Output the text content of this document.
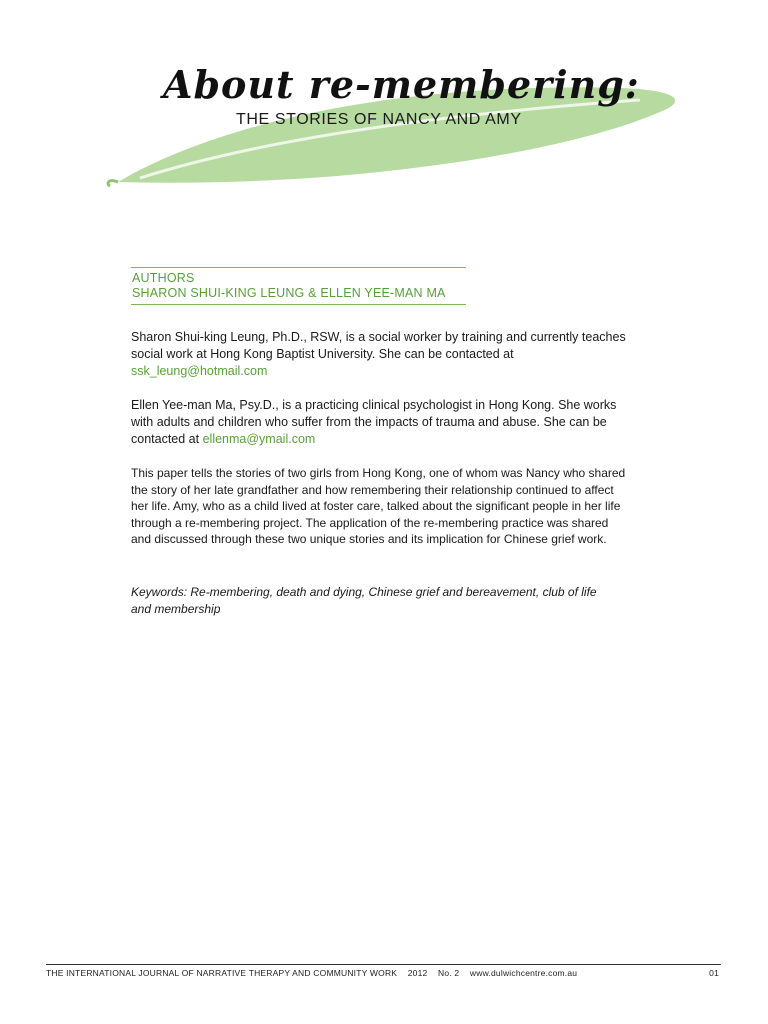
About re-membering:
THE STORIES OF NANCY AND AMY
AUTHORS
SHARON SHUI-KING LEUNG & ELLEN YEE-MAN MA

Sharon Shui-king Leung, Ph.D., RSW, is a social worker by training and currently teaches social work at Hong Kong Baptist University. She can be contacted at ssk_leung@hotmail.com

Ellen Yee-man Ma, Psy.D., is a practicing clinical psychologist in Hong Kong. She works with adults and children who suffer from the impacts of trauma and abuse. She can be contacted at ellenma@ymail.com

This paper tells the stories of two girls from Hong Kong, one of whom was Nancy who shared the story of her late grandfather and how remembering their relationship continued to affect her life. Amy, who as a child lived at foster care, talked about the significant people in her life through a re-membering project. The application of the re-membering practice was shared and discussed through these two unique stories and its implication for Chinese grief work.

Keywords: Re-membering, death and dying, Chinese grief and bereavement, club of life and membership

THE INTERNATIONAL JOURNAL OF NARRATIVE THERAPY AND COMMUNITY WORK 2012 No. 2 www.dulwichcentre.com.au	01
